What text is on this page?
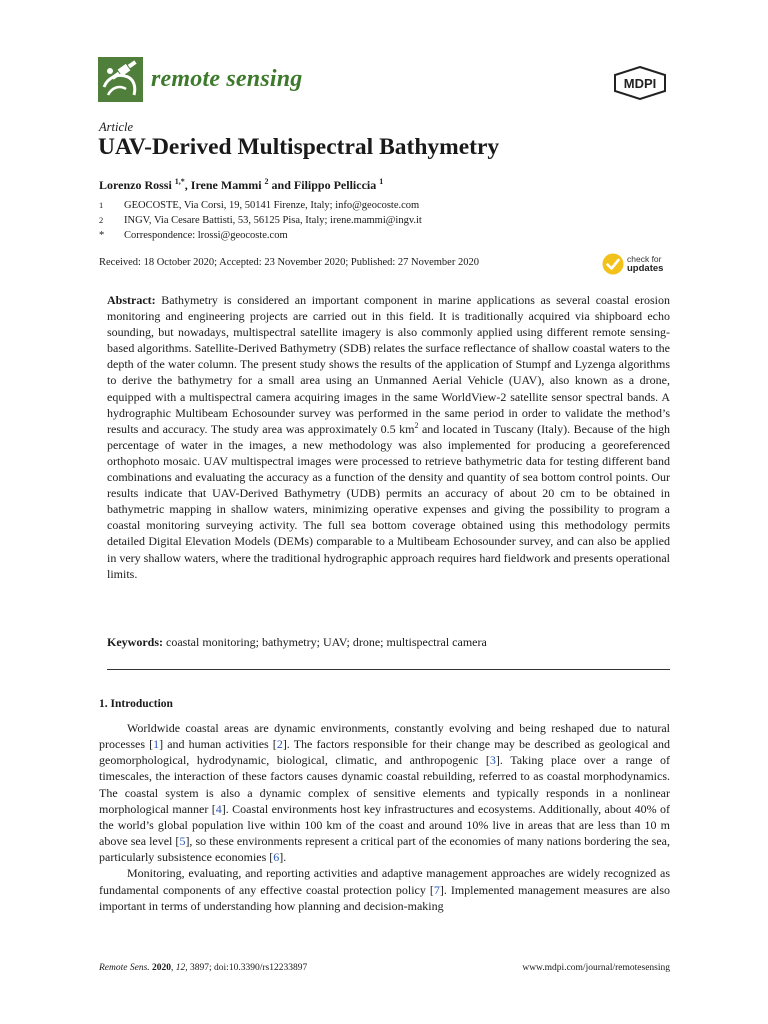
remote sensing	MDPI
Article
UAV-Derived Multispectral Bathymetry
Lorenzo Rossi $^{1,*}$, Irene Mammi $^2$ and Filippo Pelliccia $^1$
1	GEOCOSTE, Via Corsi, 19, 50141 Firenze, Italy; info@geocoste.com
2	INGV, Via Cesare Battisti, 53, 56125 Pisa, Italy; irene.mammi@ingv.it
*	Correspondence: lrossi@geocoste.com
Received: 18 October 2020; Accepted: 23 November 2020; Published: 27 November 2020	check for
updates

Abstract: Bathymetry is considered an important component in marine applications as several coastal erosion monitoring and engineering projects are carried out in this field. It is traditionally acquired via shipboard echo sounding, but nowadays, multispectral satellite imagery is also commonly applied using different remote sensing-based algorithms. Satellite-Derived Bathymetry (SDB) relates the surface reflectance of shallow coastal waters to the depth of the water column. The present study shows the results of the application of Stumpf and Lyzenga algorithms to derive the bathymetry for a small area using an Unmanned Aerial Vehicle (UAV), also known as a drone, equipped with a multispectral camera acquiring images in the same WorldView-2 satellite sensor spectral bands. A hydrographic Multibeam Echosounder survey was performed in the same period in order to validate the method’s results and accuracy. The study area was approximately 0.5 $km^2$ and located in Tuscany (Italy). Because of the high percentage of water in the images, a new methodology was also implemented for producing a georeferenced orthophoto mosaic. UAV multispectral images were processed to retrieve bathymetric data for testing different band combinations and evaluating the accuracy as a function of the density and quantity of sea bottom control points. Our results indicate that UAV-Derived Bathymetry (UDB) permits an accuracy of about 20 cm to be obtained in bathymetric mapping in shallow waters, minimizing operative expenses and giving the possibility to program a coastal monitoring surveying activity. The full sea bottom coverage obtained using this methodology permits detailed Digital Elevation Models (DEMs) comparable to a Multibeam Echosounder survey, and can also be applied in very shallow waters, where the traditional hydrographic approach requires hard fieldwork and presents operational limits.

Keywords: coastal monitoring; bathymetry; UAV; drone; multispectral camera
1. Introduction

Worldwide coastal areas are dynamic environments, constantly evolving and being reshaped due to natural processes [1] and human activities [2]. The factors responsible for their change may be described as geological and geomorphological, hydrodynamic, biological, climatic, and anthropogenic [3]. Taking place over a range of timescales, the interaction of these factors causes dynamic coastal rebuilding, referred to as coastal morphodynamics. The coastal system is also a dynamic complex of sensitive elements and typically responds in a nonlinear morphological manner [4]. Coastal environments host key infrastructures and ecosystems. Additionally, about 40% of the world’s global population live within 100 km of the coast and around 10% live in areas that are less than 10 m above sea level [5], so these environments represent a critical part of the economies of many nations bordering the sea, particularly subsistence economies [6].

Monitoring, evaluating, and reporting activities and adaptive management approaches are widely recognized as fundamental components of any effective coastal protection policy [7]. Implemented management measures are also important in terms of understanding how planning and decision-making

Remote Sens. 2020, 12, 3897; doi:10.3390/rs12233897	www.mdpi.com/journal/remotesensing
